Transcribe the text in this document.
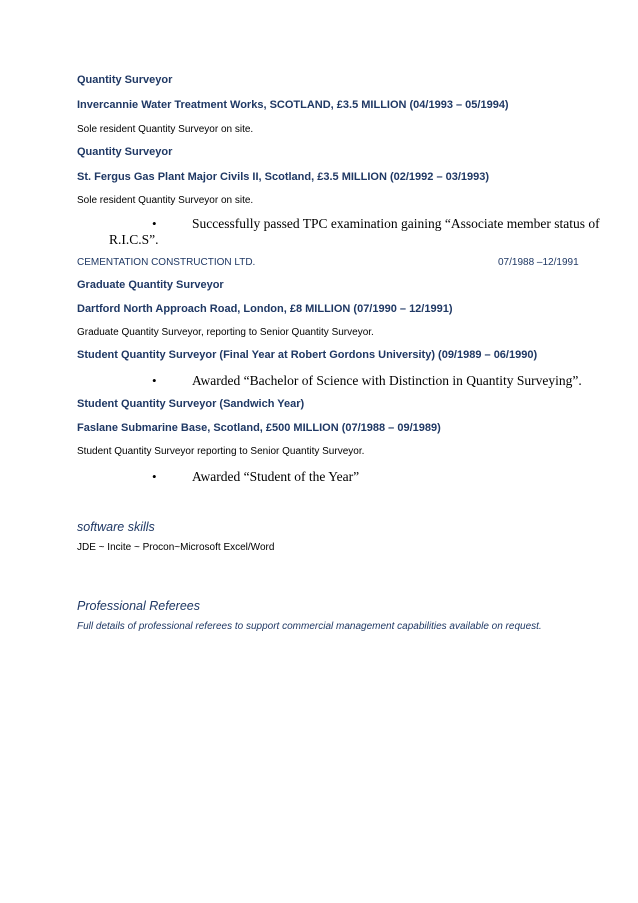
Quantity Surveyor
Invercannie Water Treatment Works, SCOTLAND, £3.5 MILLION (04/1993 – 05/1994)
Sole resident Quantity Surveyor on site.
Quantity Surveyor
St. Fergus Gas Plant Major Civils II, Scotland, £3.5 MILLION (02/1992 – 03/1993)
Sole resident Quantity Surveyor on site.
•	Successfully passed TPC examination gaining “Associate member status of
R.I.C.S”.
CEMENTATION CONSTRUCTION LTD.	07/1988 –12/1991
Graduate Quantity Surveyor
Dartford North Approach Road, London, £8 MILLION (07/1990 – 12/1991)
Graduate Quantity Surveyor, reporting to Senior Quantity Surveyor.
Student Quantity Surveyor (Final Year at Robert Gordons University) (09/1989 – 06/1990)
•	Awarded “Bachelor of Science with Distinction in Quantity Surveying”.
Student Quantity Surveyor (Sandwich Year)
Faslane Submarine Base, Scotland, £500 MILLION (07/1988 – 09/1989)
Student Quantity Surveyor reporting to Senior Quantity Surveyor.
•	Awarded “Student of the Year”
software skills
JDE ~ Incite ~ Procon~Microsoft Excel/Word
Professional Referees
Full details of professional referees to support commercial management capabilities available on request.
